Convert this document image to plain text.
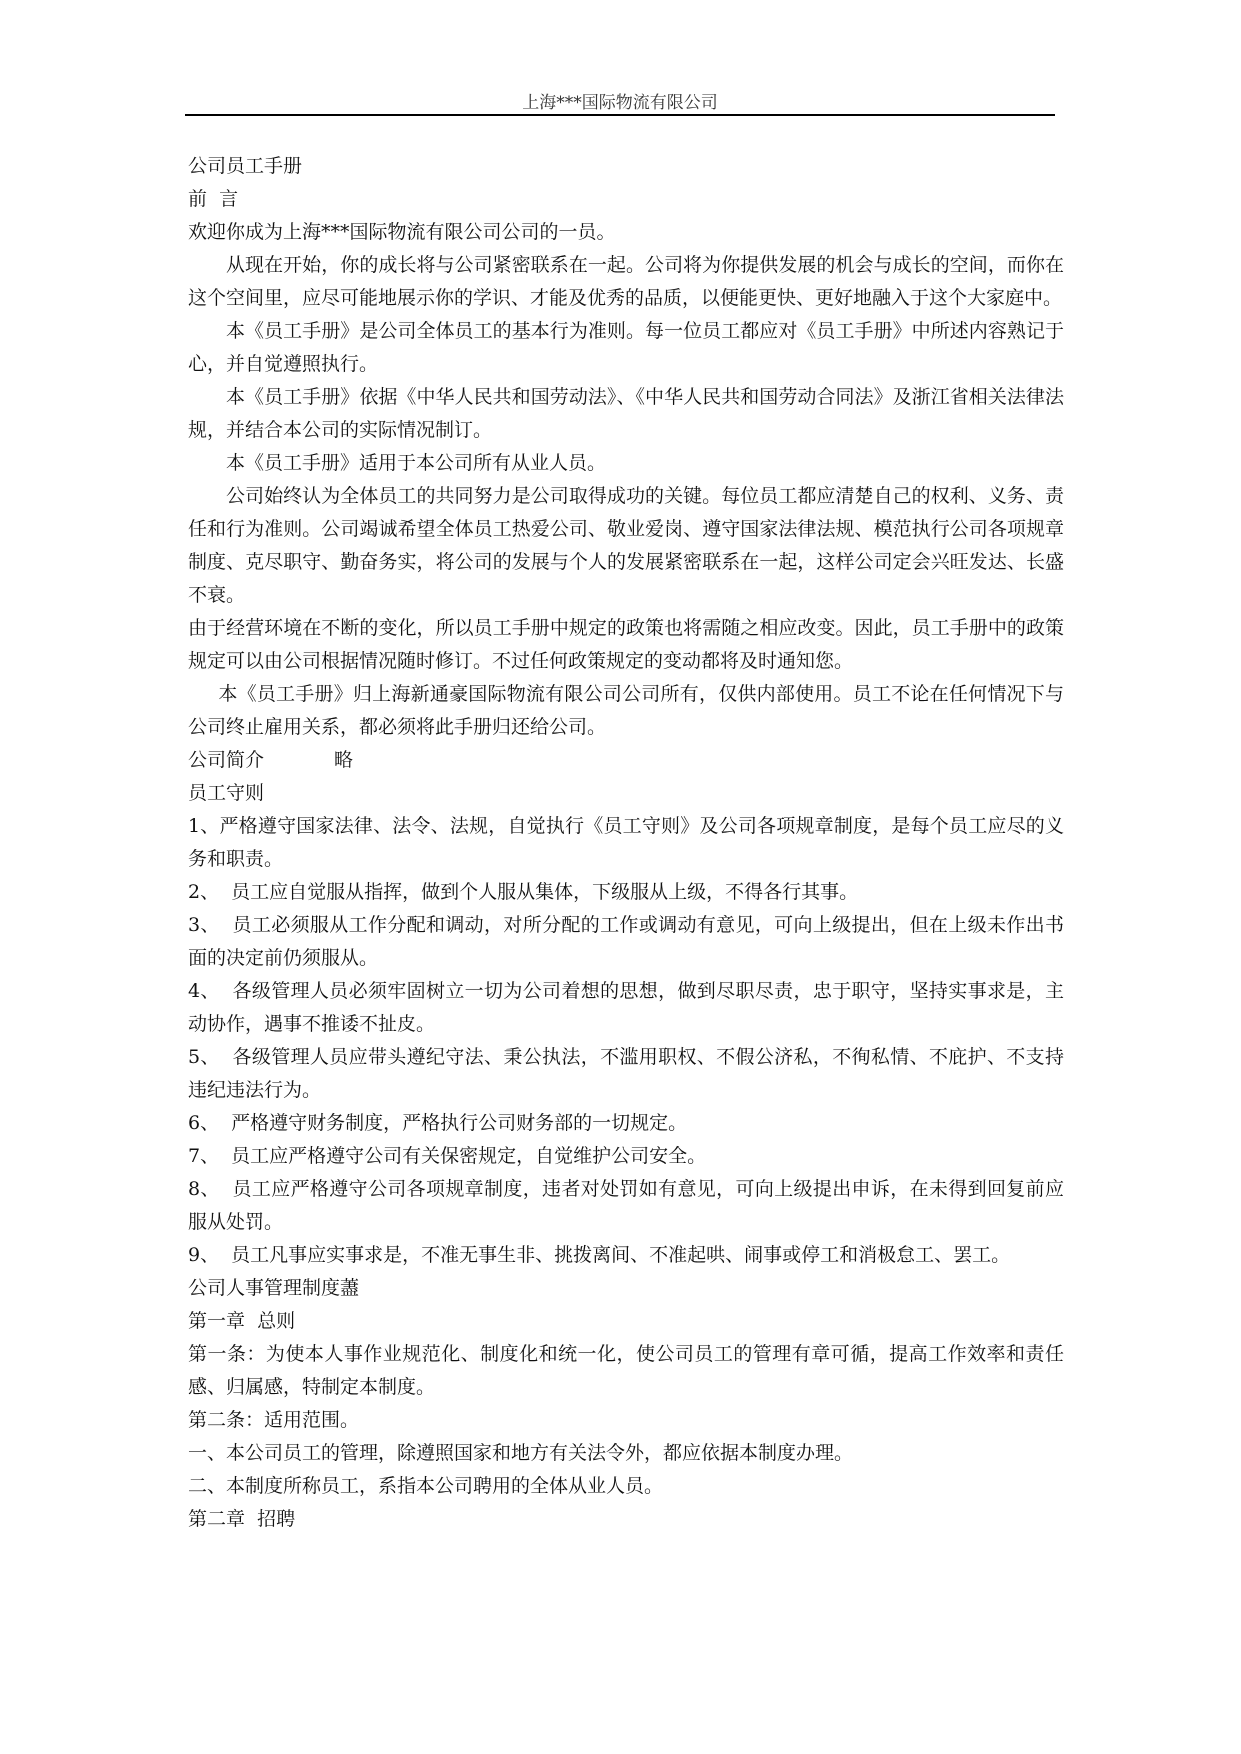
上海***国际物流有限公司

公司员工手册

前  言

欢迎你成为上海***国际物流有限公司公司的一员。

从现在开始，你的成长将与公司紧密联系在一起。公司将为你提供发展的机会与成长的空间，而你在这个空间里，应尽可能地展示你的学识、才能及优秀的品质，以便能更快、更好地融入于这个大家庭中。

本《员工手册》是公司全体员工的基本行为准则。每一位员工都应对《员工手册》中所述内容熟记于心，并自觉遵照执行。

本《员工手册》依据《中华人民共和国劳动法》、《中华人民共和国劳动合同法》及浙江省相关法律法规，并结合本公司的实际情况制订。

本《员工手册》适用于本公司所有从业人员。

公司始终认为全体员工的共同努力是公司取得成功的关键。每位员工都应清楚自己的权利、义务、责任和行为准则。公司竭诚希望全体员工热爱公司、敬业爱岗、遵守国家法律法规、模范执行公司各项规章制度、克尽职守、勤奋务实，将公司的发展与个人的发展紧密联系在一起，这样公司定会兴旺发达、长盛不衰。

由于经营环境在不断的变化，所以员工手册中规定的政策也将需随之相应改变。因此，员工手册中的政策规定可以由公司根据情况随时修订。不过任何政策规定的变动都将及时通知您。

本《员工手册》归上海新通豪国际物流有限公司公司所有，仅供内部使用。员工不论在任何情况下与公司终止雇用关系，都必须将此手册归还给公司。

公司简介	略

员工守则

1、严格遵守国家法律、法令、法规，自觉执行《员工守则》及公司各项规章制度，是每个员工应尽的义务和职责。

2、  员工应自觉服从指挥，做到个人服从集体，下级服从上级，不得各行其事。

3、  员工必须服从工作分配和调动，对所分配的工作或调动有意见，可向上级提出，但在上级未作出书面的决定前仍须服从。

4、  各级管理人员必须牢固树立一切为公司着想的思想，做到尽职尽责，忠于职守，坚持实事求是，主动协作，遇事不推诿不扯皮。

5、  各级管理人员应带头遵纪守法、秉公执法，不滥用职权、不假公济私，不徇私情、不庇护、不支持违纪违法行为。

6、  严格遵守财务制度，严格执行公司财务部的一切规定。

7、  员工应严格遵守公司有关保密规定，自觉维护公司安全。

8、  员工应严格遵守公司各项规章制度，违者对处罚如有意见，可向上级提出申诉，在未得到回复前应服从处罚。

9、  员工凡事应实事求是，不准无事生非、挑拨离间、不准起哄、闹事或停工和消极怠工、罢工。

公司人事管理制度藎

第一章  总则

第一条：为使本人事作业规范化、制度化和统一化，使公司员工的管理有章可循，提高工作效率和责任感、归属感，特制定本制度。

第二条：适用范围。

一、本公司员工的管理，除遵照国家和地方有关法令外，都应依据本制度办理。

二、本制度所称员工，系指本公司聘用的全体从业人员。

第二章  招聘
